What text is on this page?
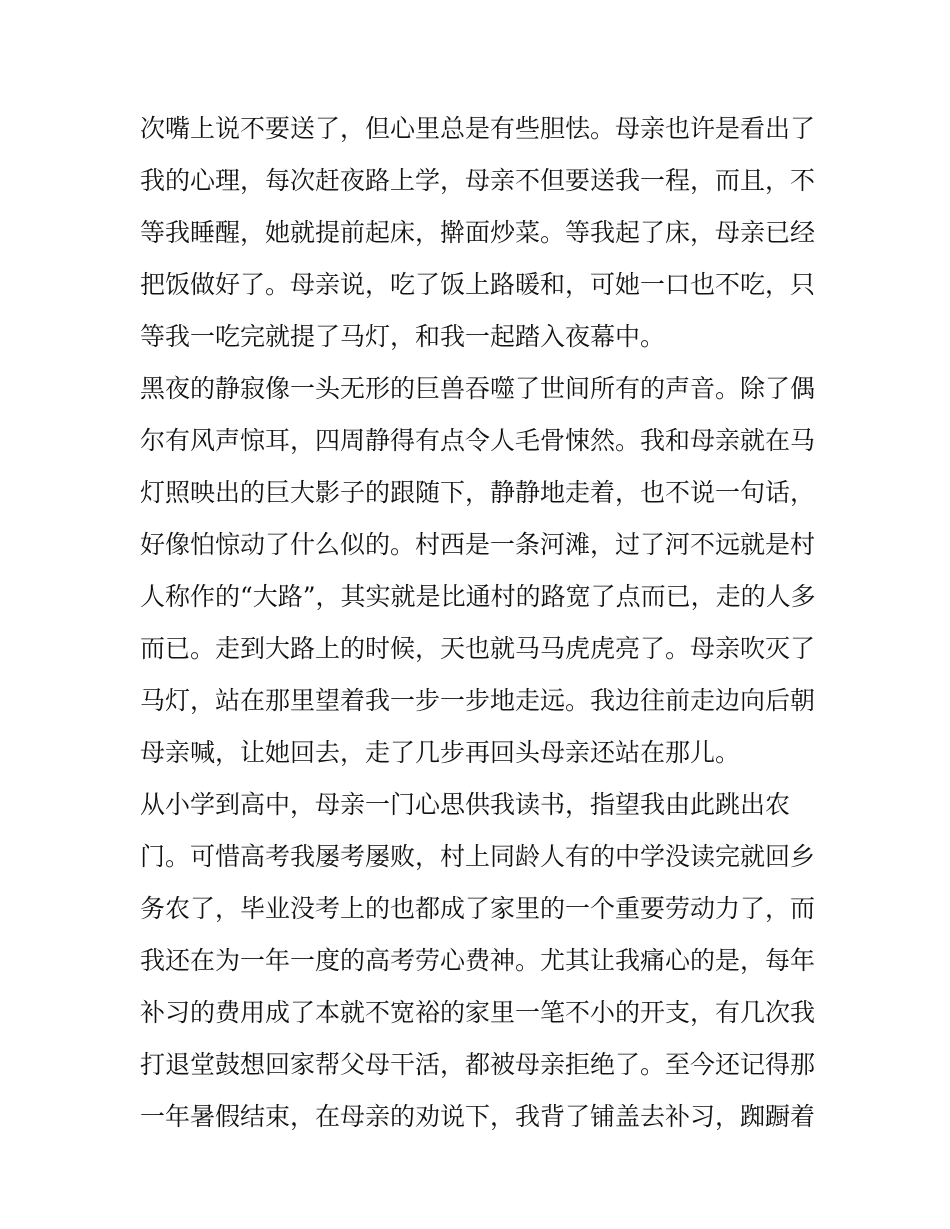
次嘴上说不要送了，但心里总是有些胆怯。母亲也许是看出了
我的心理，每次赶夜路上学，母亲不但要送我一程，而且，不
等我睡醒，她就提前起床，擀面炒菜。等我起了床，母亲已经
把饭做好了。母亲说，吃了饭上路暖和，可她一口也不吃，只
等我一吃完就提了马灯，和我一起踏入夜幕中。
黑夜的静寂像一头无形的巨兽吞噬了世间所有的声音。除了偶
尔有风声惊耳，四周静得有点令人毛骨悚然。我和母亲就在马
灯照映出的巨大影子的跟随下，静静地走着，也不说一句话，
好像怕惊动了什么似的。村西是一条河滩，过了河不远就是村
人称作的“大路”，其实就是比通村的路宽了点而已，走的人多
而已。走到大路上的时候，天也就马马虎虎亮了。母亲吹灭了
马灯，站在那里望着我一步一步地走远。我边往前走边向后朝
母亲喊，让她回去，走了几步再回头母亲还站在那儿。
从小学到高中，母亲一门心思供我读书，指望我由此跳出农
门。可惜高考我屡考屡败，村上同龄人有的中学没读完就回乡
务农了，毕业没考上的也都成了家里的一个重要劳动力了，而
我还在为一年一度的高考劳心费神。尤其让我痛心的是，每年
补习的费用成了本就不宽裕的家里一笔不小的开支，有几次我
打退堂鼓想回家帮父母干活，都被母亲拒绝了。至今还记得那
一年暑假结束，在母亲的劝说下，我背了铺盖去补习，踟蹰着
